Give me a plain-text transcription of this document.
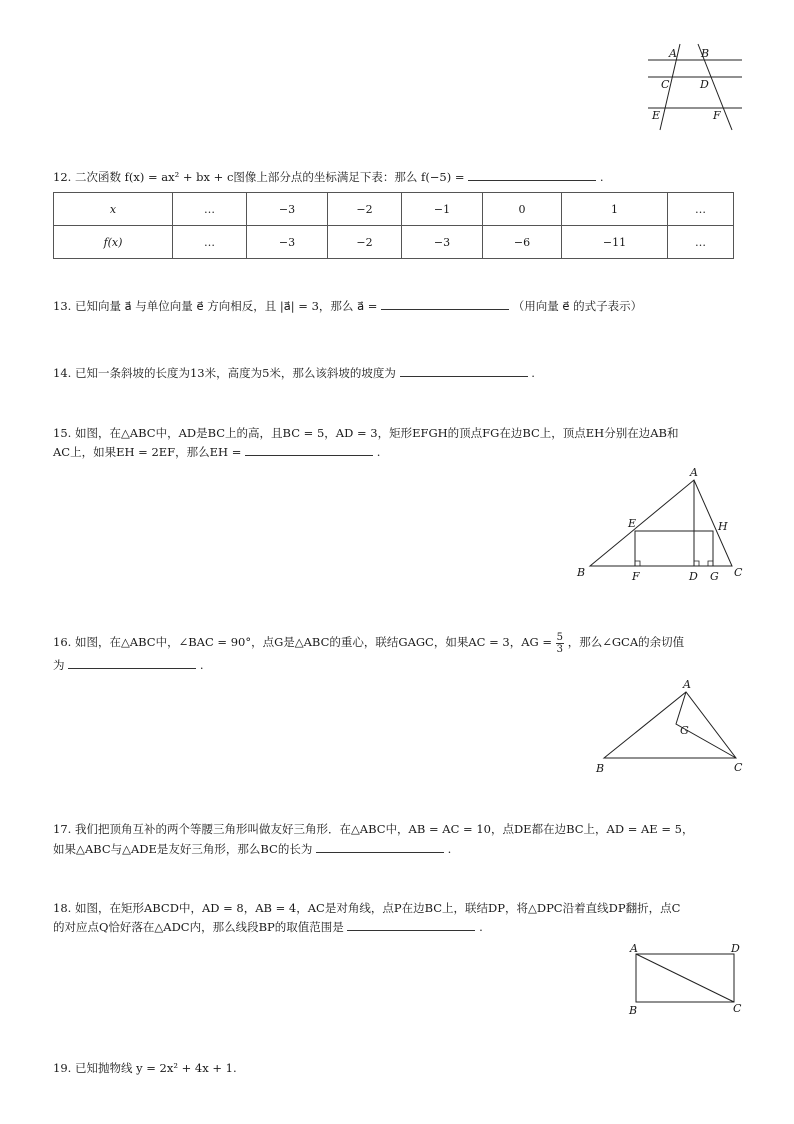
A B
C	D
E	F
12. 二次函数 f(x) = ax² + bx + c图像上部分点的坐标满足下表：那么 f(−5) =	.
x	…	−3	−2	−1	0	1	…
f(x)	…	−3	−2	−3	−6	−11	…
13. 已知向量 a⃗ 与单位向量 e⃗ 方向相反，且 |a⃗| = 3，那么 a⃗ =	（用向量 e⃗ 的式子表示）
14. 已知一条斜坡的长度为13米，高度为5米，那么该斜坡的坡度为	.
15. 如图，在△ABC中，AD是BC上的高，且BC = 5，AD = 3，矩形EFGH的顶点FG在边BC上，顶点EH分别在边AB和
AC上，如果EH = 2EF，那么EH =	.
A
E	H
B	F	D G C
16. 如图，在△ABC中，∠BAC = 90°，点G是△ABC的重心，联结GAGC，如果AC = 3，AG = $\frac{5}{3}$ ，那么∠GCA的余切值
为	.
A
G
B	C
17. 我们把顶角互补的两个等腰三角形叫做友好三角形．在△ABC中，AB = AC = 10，点DE都在边BC上，AD = AE = 5，
如果△ABC与△ADE是友好三角形，那么BC的长为	.
18. 如图，在矩形ABCD中，AD = 8，AB = 4，AC是对角线，点P在边BC上，联结DP，将△DPC沿着直线DP翻折，点C
的对应点Q恰好落在△ADC内，那么线段BP的取值范围是	.
A	D
B	C
19. 已知抛物线 y = 2x² + 4x + 1.
